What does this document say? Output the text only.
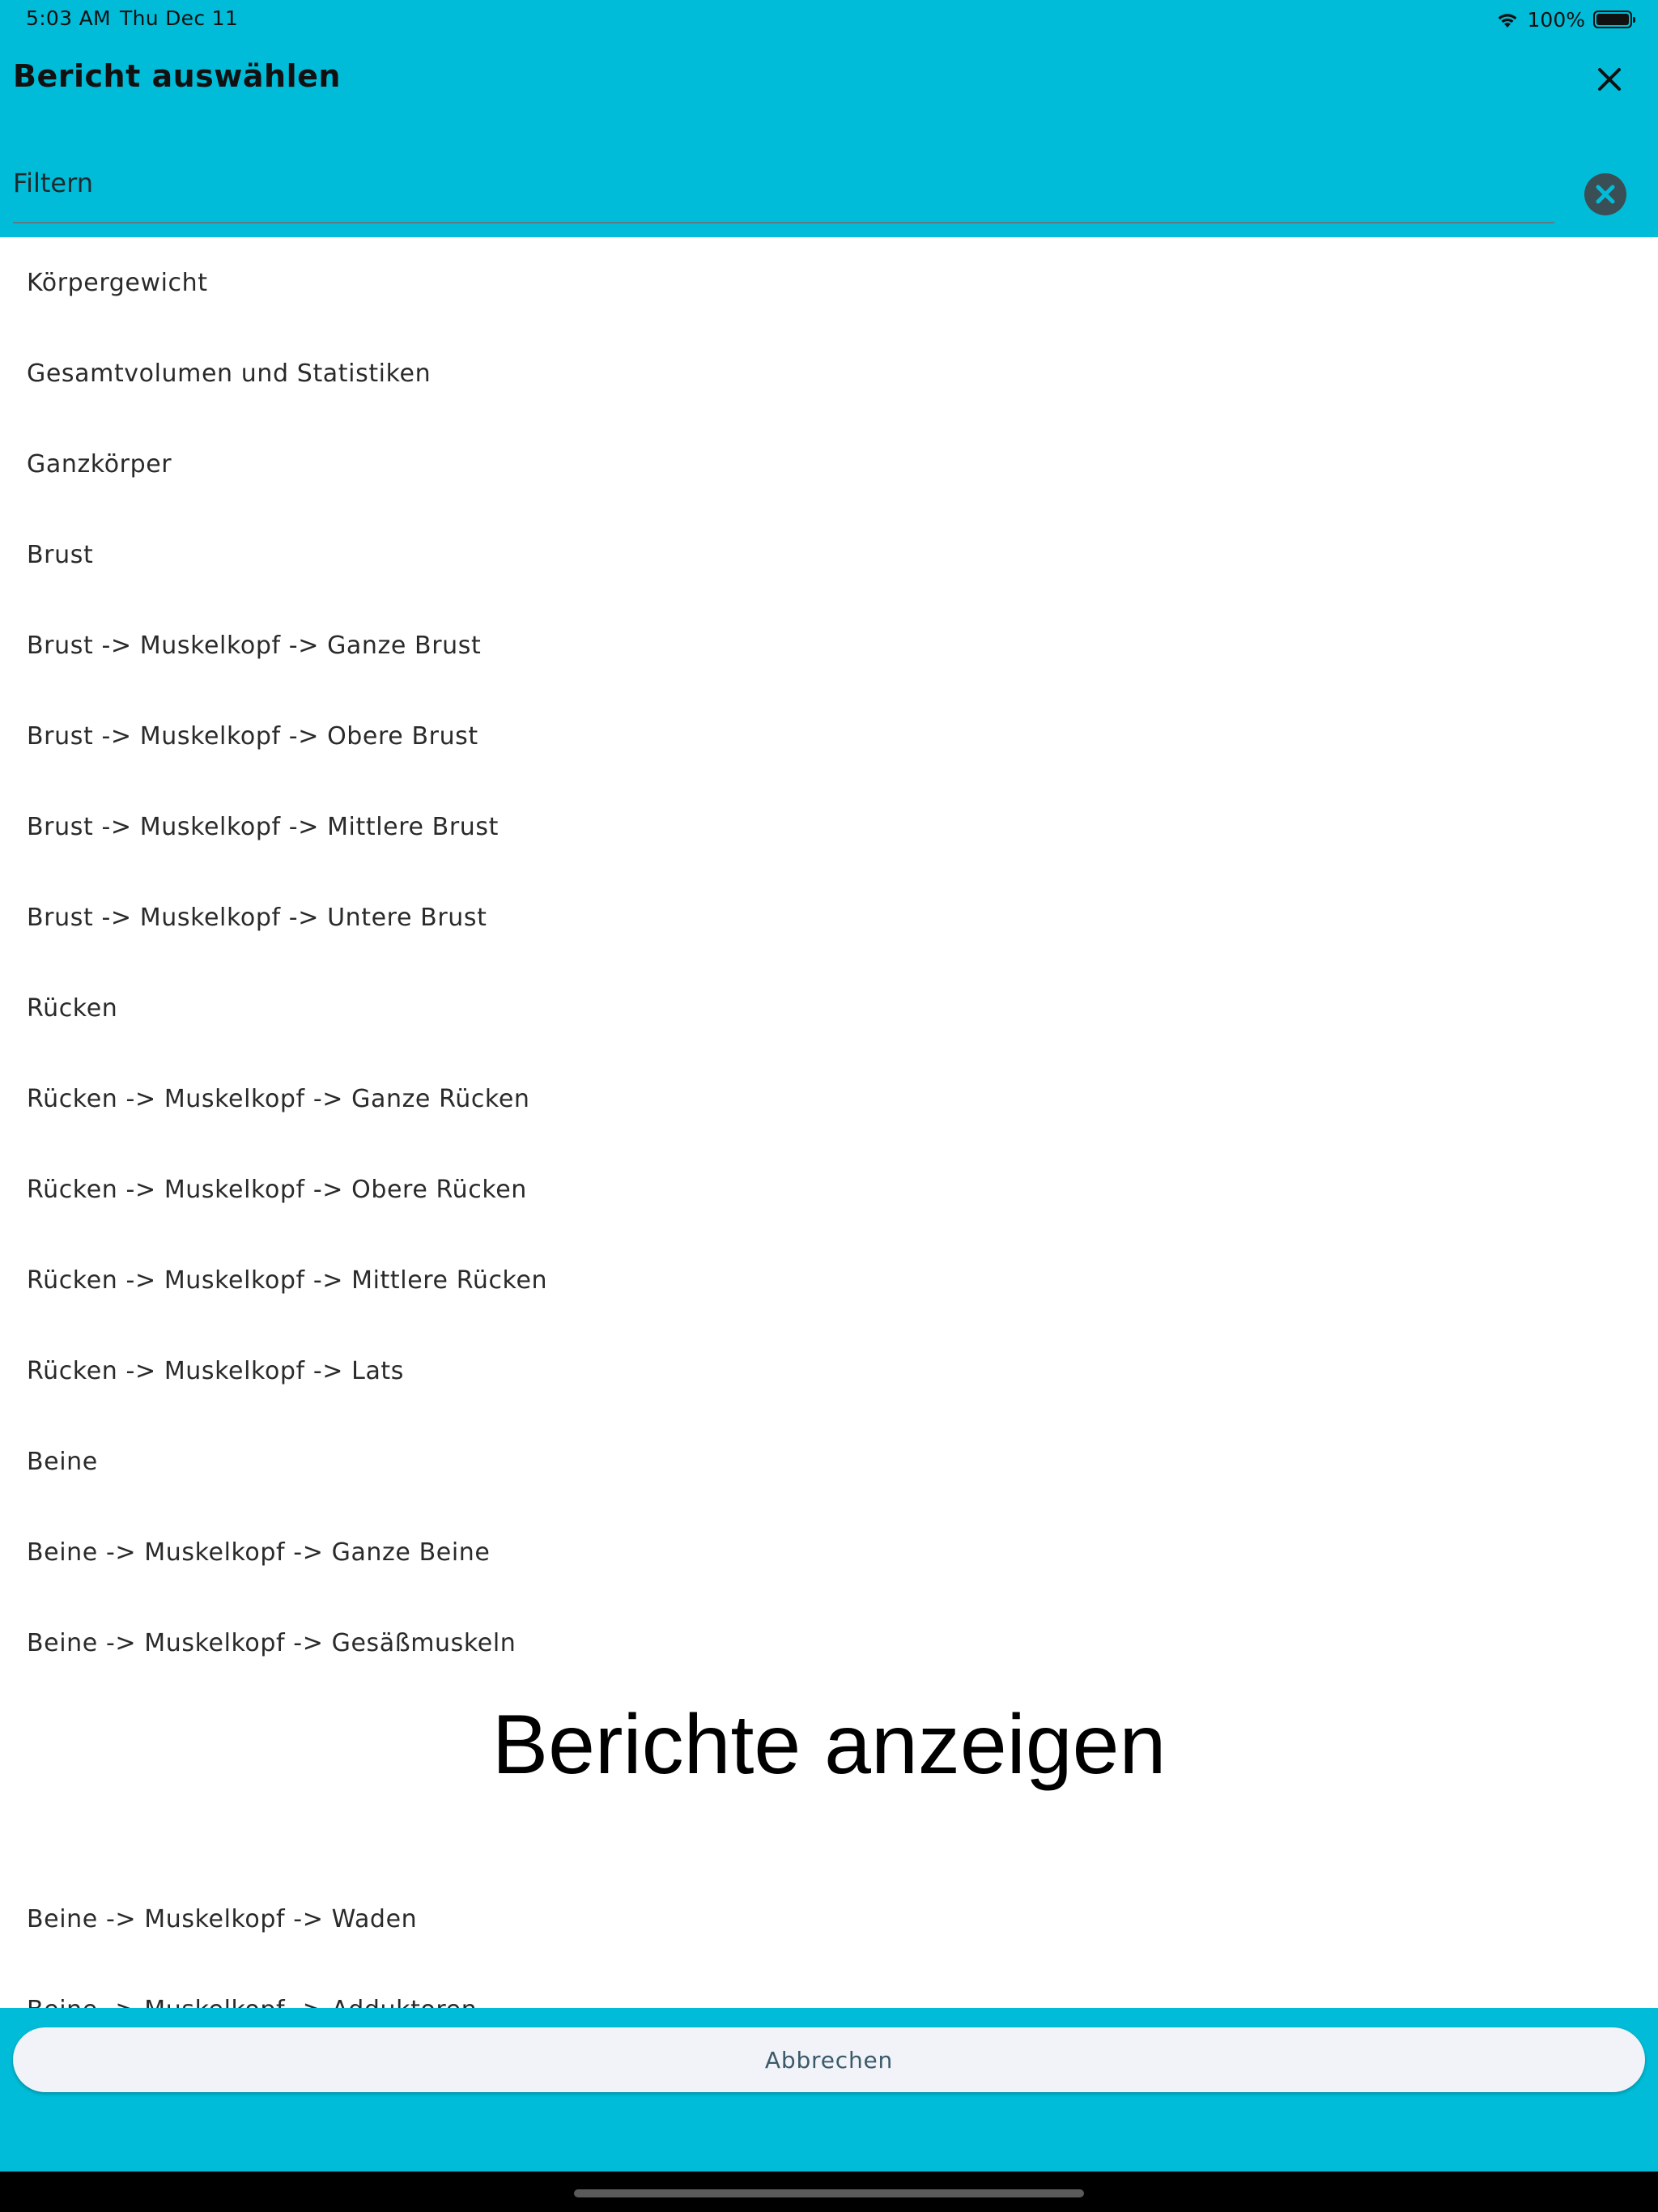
5:03 AM Thu Dec 11	100%
Bericht auswählen
Filtern
Körpergewicht
Gesamtvolumen und Statistiken
Ganzkörper
Brust
Brust -> Muskelkopf -> Ganze Brust
Brust -> Muskelkopf -> Obere Brust
Brust -> Muskelkopf -> Mittlere Brust
Brust -> Muskelkopf -> Untere Brust
Rücken
Rücken -> Muskelkopf -> Ganze Rücken
Rücken -> Muskelkopf -> Obere Rücken
Rücken -> Muskelkopf -> Mittlere Rücken
Rücken -> Muskelkopf -> Lats
Beine
Beine -> Muskelkopf -> Ganze Beine
Beine -> Muskelkopf -> Gesäßmuskeln
Berichte anzeigen
Beine -> Muskelkopf -> Waden
Abbrechen
